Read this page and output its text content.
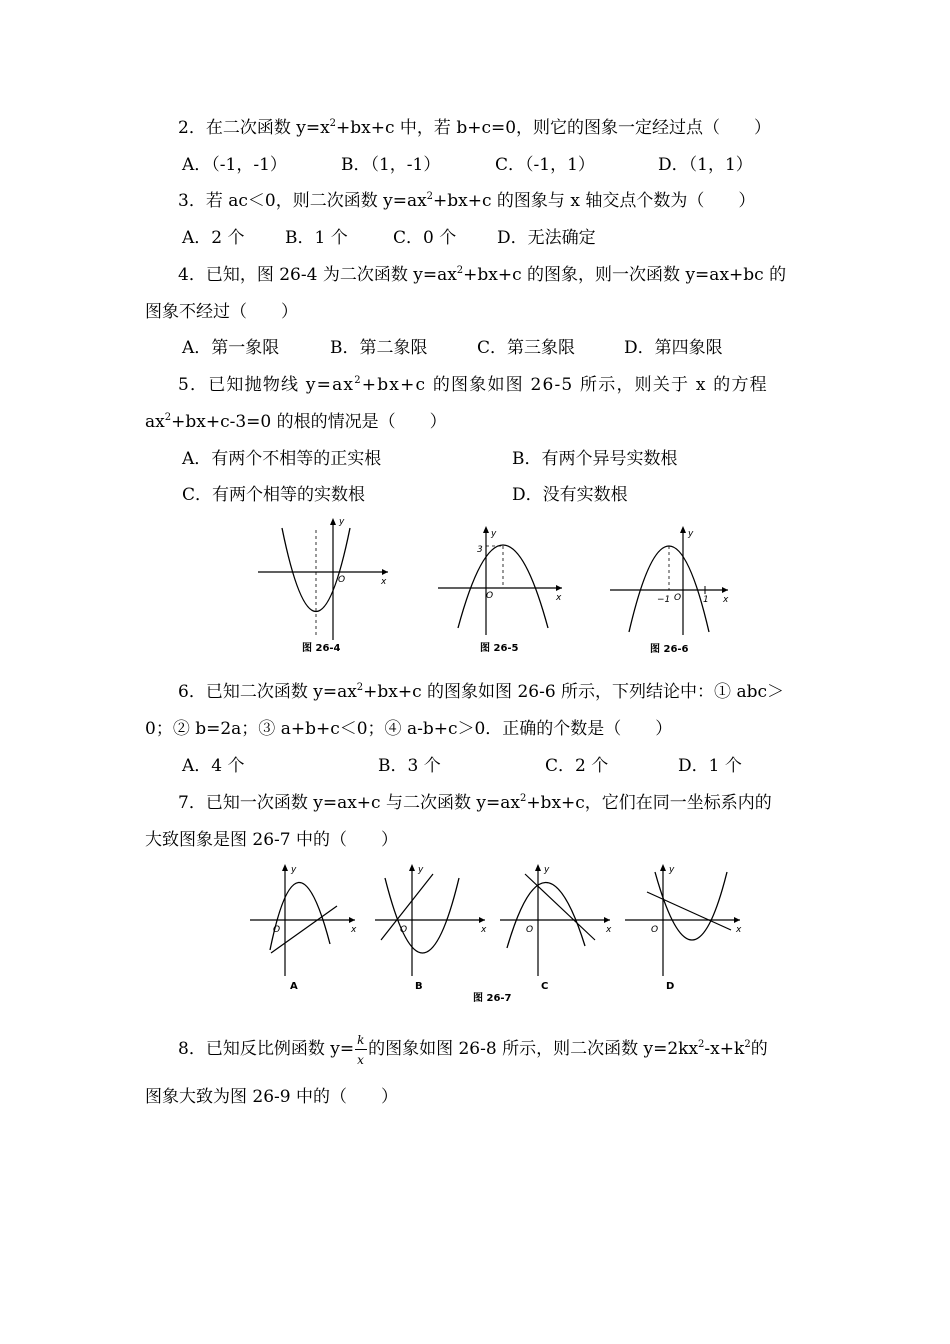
2．在二次函数 $y=x^2+bx+c$ 中，若 b+c=0，则它的图象一定经过点（　　）
A．（-1，-1）	B．（1，-1）	C．（-1，1）	D．（1，1）
3．若 ac＜0，则二次函数 $y=ax^2+bx+c$ 的图象与 x 轴交点个数为（　　）
A．2 个 B．1 个	C．0 个 D．无法确定
4．已知，图 26-4 为二次函数 $y=ax^2+bx+c$ 的图象，则一次函数 y=ax+bc 的
图象不经过（　　）
A．第一象限	B．第二象限	C．第三象限	D．第四象限
5．已知抛物线 $y=ax^2+bx+c$ 的图象如图 26-5 所示，则关于 x 的方程
$ax^2+bx+c-3=0$ 的根的情况是（　　）
A．有两个不相等的正实根	B．有两个异号实数根
C．有两个相等的实数根	D．没有实数根
y
x
O
图 26-4
y
x
O
3
图 26-5
y
x
O
−1	1
图 26-6
6．已知二次函数 $y=ax^2+bx+c$ 的图象如图 26-6 所示，下列结论中：① abc＞
0；② b=2a；③ a+b+c＜0；④ a-b+c＞0．正确的个数是（　　）
A．4 个	B．3 个	C．2 个	D．1 个
7．已知一次函数 y=ax+c 与二次函数 $y=ax^2+bx+c$，它们在同一坐标系内的
大致图象是图 26-7 中的（　　）
y
x
O
A
y
x
O
B
y
x
O
C
y
x
O
D
图 26-7
8．已知反比例函数 $y= \frac{k}{x}$ 的图象如图 26-8 所示，则二次函数 $y=2kx^2-x+k^2$的
图象大致为图 26-9 中的（　　）
